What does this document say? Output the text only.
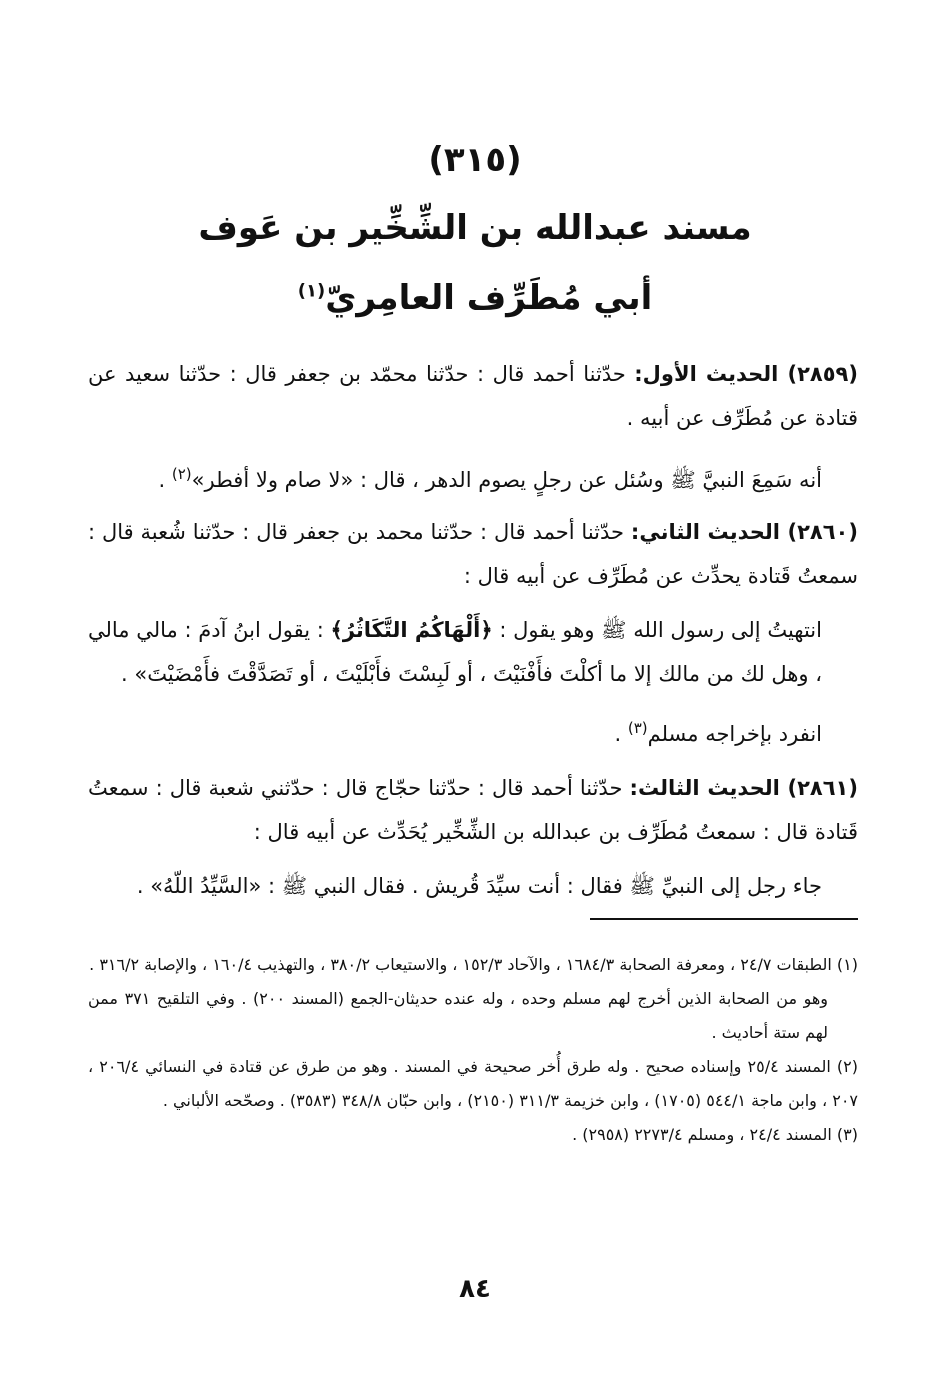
(٣١٥)
مسند عبدالله بن الشِّخِّير بن عَوف
أبي مُطَرِّف العامِريّ$^{(١)}$
(٢٨٥٩) الحديث الأول: حدّثنا أحمد قال : حدّثنا محمّد بن جعفر قال : حدّثنا سعيد عن قتادة عن مُطَرِّف عن أبيه .
أنه سَمِعَ النبيَّ ﷺ وسُئل عن رجلٍ يصوم الدهر ، قال : «لا صام ولا أفطر»$^{(٢)}$ .
(٢٨٦٠) الحديث الثاني: حدّثنا أحمد قال : حدّثنا محمد بن جعفر قال : حدّثنا شُعبة قال : سمعتُ قَتادة يحدِّث عن مُطَرِّف عن أبيه قال :
انتهيتُ إلى رسول الله ﷺ وهو يقول : ﴿أَلْهَاكُمُ التَّكَاثُرُ﴾ : يقول ابنُ آدمَ : مالي مالي ، وهل لك من مالك إلا ما أكلْتَ فأَفْنَيْتَ ، أو لَبِسْتَ فأَبْلَيْتَ ، أو تَصَدَّقْتَ فأَمْضَيْتَ» .
انفرد بإخراجه مسلم$^{(٣)}$ .
(٢٨٦١) الحديث الثالث: حدّثنا أحمد قال : حدّثنا حجّاج قال : حدّثني شعبة قال : سمعتُ قَتادة قال : سمعتُ مُطَرِّف بن عبدالله بن الشِّخِّير يُحَدِّث عن أبيه قال :
جاء رجل إلى النبيِّ ﷺ فقال : أنت سيِّدَ قُريش . فقال النبي ﷺ : «السَّيِّدُ اللّهُ» .

(١) الطبقات ٢٤/٧ ، ومعرفة الصحابة ١٦٨٤/٣ ، والآحاد ١٥٢/٣ ، والاستيعاب ٣٨٠/٢ ، والتهذيب ١٦٠/٤ ، والإصابة ٣١٦/٢ .

وهو من الصحابة الذين أخرج لهم مسلم وحده ، وله عنده حديثان-الجمع (المسند ٢٠٠) . وفي التلقيح ٣٧١ ممن لهم ستة أحاديث .

(٢) المسند ٢٥/٤ وإسناده صحيح . وله طرق أُخر صحيحة في المسند . وهو من طرق عن قتادة في النسائي ٢٠٦/٤ ، ٢٠٧ ، وابن ماجة ٥٤٤/١ (١٧٠٥) ، وابن خزيمة ٣١١/٣ (٢١٥٠) ، وابن حبّان ٣٤٨/٨ (٣٥٨٣) . وصحّحه الألباني .

(٣) المسند ٢٤/٤ ، ومسلم ٢٢٧٣/٤ (٢٩٥٨) .

٨٤
